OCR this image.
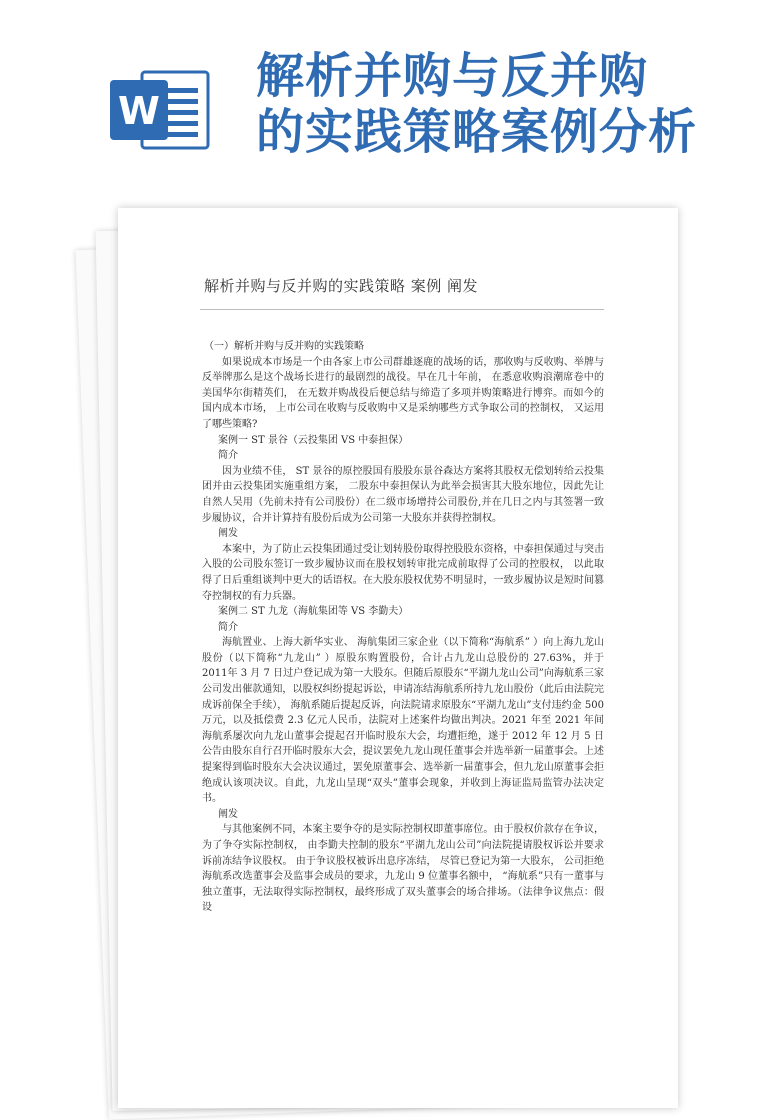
W
解析并购与反并购
的实践策略案例分析
解析并购与反并购的实践策略 案例 阐发

（一）解析并购与反并购的实践策略

如果说成本市场是一个由各家上市公司群雄逐鹿的战场的话，那收购与反收购、举牌与反举牌那么是这个战场长进行的最剧烈的战役。早在几十年前， 在悉意收购浪潮席卷中的美国华尔街精英们， 在无数并购战役后便总结与缔造了多项并购策略进行博弈。而如今的国内成本市场， 上市公司在收购与反收购中又是采纳哪些方式争取公司的控制权， 又运用了哪些策略?

案例一 ST 景谷（云投集团 VS 中泰担保）

简介

因为业绩不佳， ST 景谷的原控股国有股股东景谷森达方案将其股权无偿划转给云投集团并由云投集团实施重组方案， 二股东中泰担保认为此举会损害其大股东地位，因此先让自然人吴用（先前未持有公司股份）在二级市场增持公司股份,并在几日之内与其签署一致步履协议，合并计算持有股份后成为公司第一大股东并获得控制权。

阐发

本案中，为了防止云投集团通过受让划转股份取得控股股东资格，中泰担保通过与突击入股的公司股东签订一致步履协议而在股权划转审批完成前取得了公司的控股权， 以此取得了日后重组谈判中更大的话语权。在大股东股权优势不明显时，一致步履协议是短时间篡夺控制权的有力兵器。

案例二 ST 九龙（海航集团等 VS 李勤夫）

简介

海航置业、上海大新华实业、 海航集团三家企业（以下简称“海航系” ）向上海九龙山股份（以下简称“九龙山” ）原股东购置股份，合计占九龙山总股份的 27.63%，并于 2011年 3 月 7 日过户登记成为第一大股东。但随后原股东“平湖九龙山公司”向海航系三家公司发出催款通知，以股权纠纷提起诉讼，申请冻结海航系所持九龙山股份（此后由法院完成诉前保全手续）， 海航系随后提起反诉，向法院请求原股东“平湖九龙山”支付违约金 500 万元，以及抵偿费 2.3 亿元人民币，法院对上述案件均做出判决。2021 年至 2021 年间海航系屡次向九龙山董事会提起召开临时股东大会，均遭拒绝，遂于 2012 年 12 月 5 日公告由股东自行召开临时股东大会，提议罢免九龙山现任董事会并选举新一届董事会。上述提案得到临时股东大会决议通过，罢免原董事会、选举新一届董事会，但九龙山原董事会拒绝成认该项决议。自此，九龙山呈现“双头”董事会现象，并收到上海证监局监管办法决定书。

阐发

与其他案例不同，本案主要争夺的是实际控制权即董事席位。由于股权价款存在争议，为了争夺实际控制权， 由李勤夫控制的股东“平湖九龙山公司”向法院提请股权诉讼并要求诉前冻结争议股权。 由于争议股权被诉出息序冻结， 尽管已登记为第一大股东， 公司拒绝海航系改选董事会及监事会成员的要求，九龙山 9 位董事名额中， “海航系”只有一董事与独立董事，无法取得实际控制权，最终形成了双头董事会的场合排场。（法律争议焦点：假设
